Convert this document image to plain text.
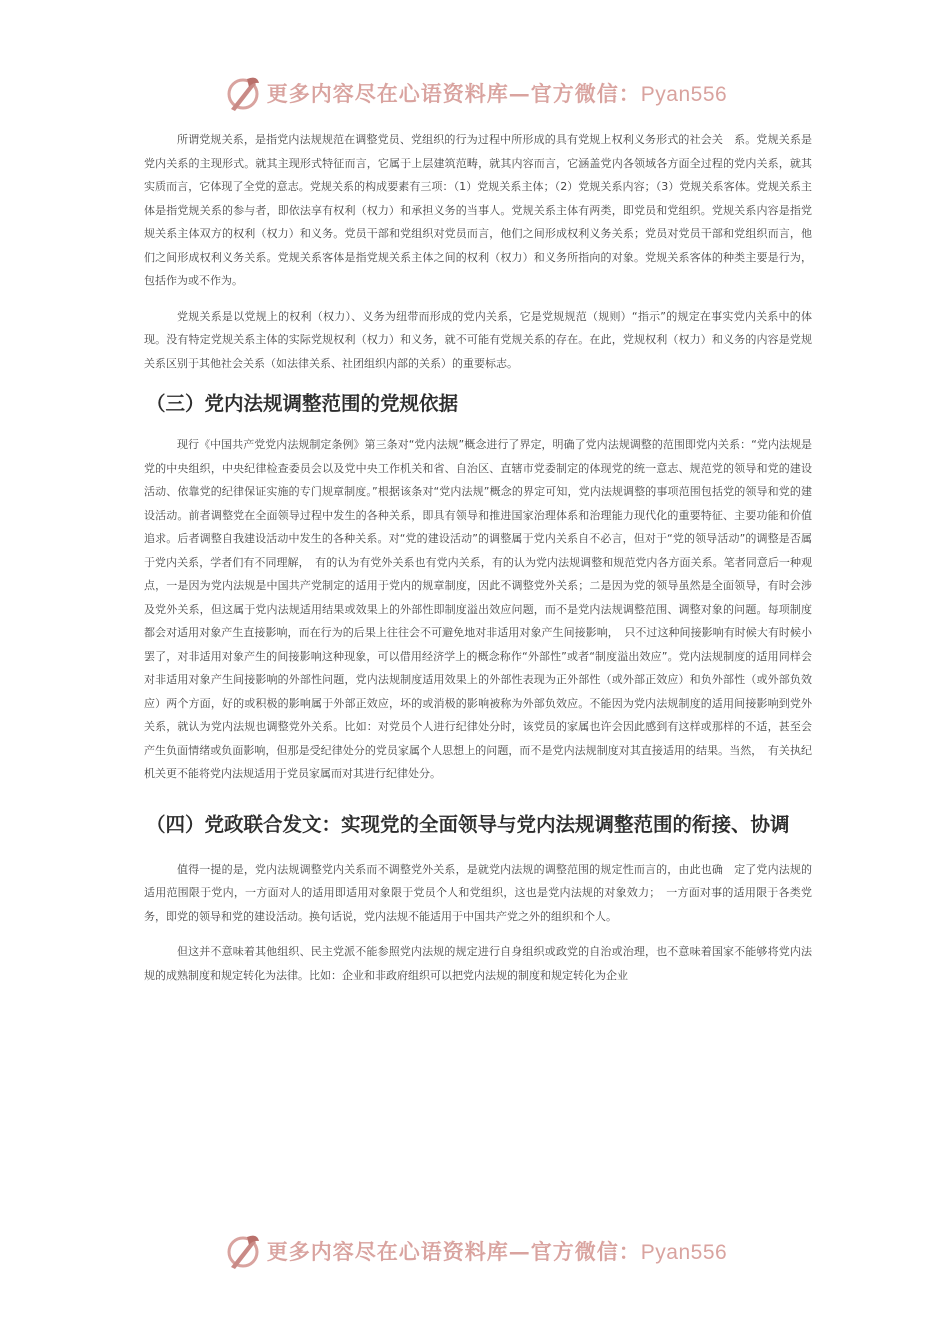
更多内容尽在心语资料库—官方微信：Pyan556

所谓党规关系，是指党内法规规范在调整党员、党组织的行为过程中所形成的具有党规上权利义务形式的社会关　系。党规关系是党内关系的主现形式。就其主现形式特征而言，它属于上层建筑范畴，就其内容而言，它涵盖党内各领域各方面全过程的党内关系，就其实质而言，它体现了全党的意志。党规关系的构成要素有三项：（1）党规关系主体；（2）党规关系内容；（3）党规关系客体。党规关系主体是指党规关系的参与者，即依法享有权利（权力）和承担义务的当事人。党规关系主体有两类，即党员和党组织。党规关系内容是指党规关系主体双方的权利（权力）和义务。党员干部和党组织对党员而言，他们之间形成权利义务关系；党员对党员干部和党组织而言，他们之间形成权利义务关系。党规关系客体是指党规关系主体之间的权利（权力）和义务所指向的对象。党规关系客体的种类主要是行为，包括作为或不作为。

党规关系是以党规上的权利（权力）、义务为纽带而形成的党内关系，它是党规规范（规则）“指示”的规定在事实党内关系中的体现。没有特定党规关系主体的实际党规权利（权力）和义务，就不可能有党规关系的存在。在此，党规权利（权力）和义务的内容是党规关系区别于其他社会关系（如法律关系、社团组织内部的关系）的重要标志。

（三）党内法规调整范围的党规依据

现行《中国共产党党内法规制定条例》第三条对“党内法规”概念进行了界定，明确了党内法规调整的范围即党内关系：“党内法规是党的中央组织，中央纪律检查委员会以及党中央工作机关和省、自治区、直辖市党委制定的体现党的统一意志、规范党的领导和党的建设活动、依靠党的纪律保证实施的专门规章制度。”根据该条对“党内法规”概念的界定可知，党内法规调整的事项范围包括党的领导和党的建设活动。前者调整党在全面领导过程中发生的各种关系，即具有领导和推进国家治理体系和治理能力现代化的重要特征、主要功能和价值追求。后者调整自我建设活动中发生的各种关系。对“党的建设活动”的调整属于党内关系自不必言，但对于“党的领导活动”的调整是否属于党内关系，学者们有不同理解，　有的认为有党外关系也有党内关系，有的认为党内法规调整和规范党内各方面关系。笔者同意后一种观点，一是因为党内法规是中国共产党制定的适用于党内的规章制度，因此不调整党外关系；二是因为党的领导虽然是全面领导，有时会涉及党外关系，但这属于党内法规适用结果或效果上的外部性即制度溢出效应问题，而不是党内法规调整范围、调整对象的问题。每项制度都会对适用对象产生直接影响，而在行为的后果上往往会不可避免地对非适用对象产生间接影响，　只不过这种间接影响有时候大有时候小罢了，对非适用对象产生的间接影响这种现象，可以借用经济学上的概念称作“外部性”或者“制度溢出效应”。党内法规制度的适用同样会对非适用对象产生间接影响的外部性问题，党内法规制度适用效果上的外部性表现为正外部性（或外部正效应）和负外部性（或外部负效应）两个方面，好的或积极的影响属于外部正效应，坏的或消极的影响被称为外部负效应。不能因为党内法规制度的适用间接影响到党外关系，就认为党内法规也调整党外关系。比如：对党员个人进行纪律处分时，该党员的家属也许会因此感到有这样或那样的不适，甚至会产生负面情绪或负面影响，但那是受纪律处分的党员家属个人思想上的问题，而不是党内法规制度对其直接适用的结果。当然，　有关执纪机关更不能将党内法规适用于党员家属而对其进行纪律处分。

（四）党政联合发文：实现党的全面领导与党内法规调整范围的衔接、协调

值得一提的是，党内法规调整党内关系而不调整党外关系，是就党内法规的调整范围的规定性而言的，由此也确　定了党内法规的适用范围限于党内，一方面对人的适用即适用对象限于党员个人和党组织，这也是党内法规的对象效力；　一方面对事的适用限于各类党务，即党的领导和党的建设活动。换句话说，党内法规不能适用于中国共产党之外的组织和个人。

但这并不意味着其他组织、民主党派不能参照党内法规的规定进行自身组织或政党的自治或治理，也不意味着国家不能够将党内法规的成熟制度和规定转化为法律。比如：企业和非政府组织可以把党内法规的制度和规定转化为企业

更多内容尽在心语资料库—官方微信：Pyan556
